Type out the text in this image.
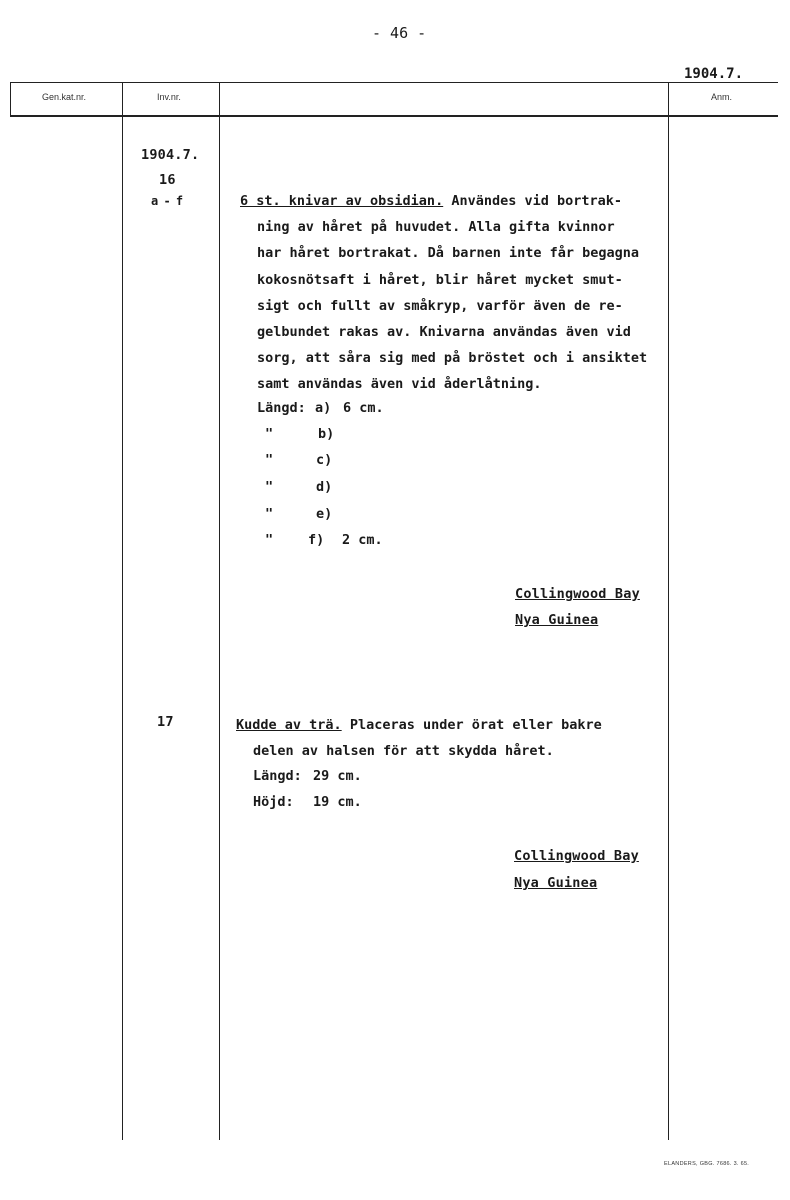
- 46 -
1904.7.
Gen.kat.nr.	Inv.nr.	Anm.
1904.7.
16
a - f	6 st. knivar av obsidian. Användes vid bortrak-
ning av håret på huvudet. Alla gifta kvinnor
har håret bortrakat. Då barnen inte får begagna
kokosnötsaft i håret, blir håret mycket smut-
sigt och fullt av småkryp, varför även de re-
gelbundet rakas av. Knivarna användas även vid
sorg, att såra sig med på bröstet och i ansiktet
samt användas även vid åderlåtning.
Längd: a) 6 cm.
"	b)
"	c)
"	d)
"	e)
"	f) 2 cm.
Collingwood Bay
Nya Guinea
17	Kudde av trä. Placeras under örat eller bakre
delen av halsen för att skydda håret.
Längd: 29 cm.
Höjd: 19 cm.
Collingwood Bay
Nya Guinea
ELANDERS, GBG. 7686. 3. 65.
